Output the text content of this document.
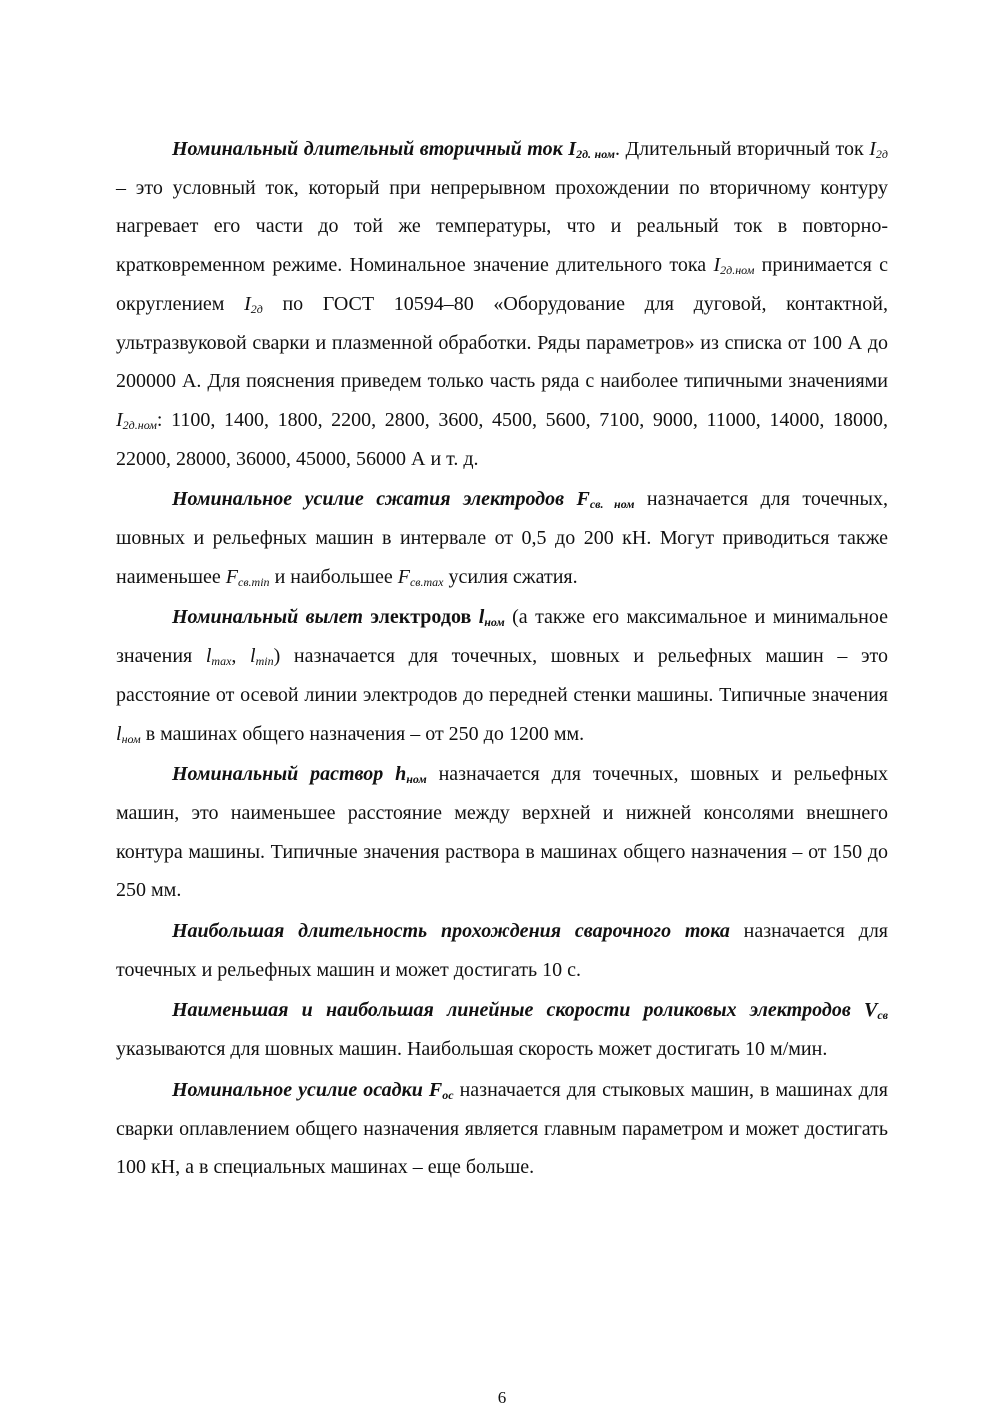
Номинальный длительный вторичный ток $I_{2д. ном}$. Длительный вторичный ток $I_{2д}$ – это условный ток, который при непрерывном прохождении по вторичному контуру нагревает его части до той же температуры, что и реальный ток в повторно-кратковременном режиме. Номинальное значение длительного тока $I_{2д.ном}$ принимается с округлением $I_{2д}$ по ГОСТ 10594–80 «Оборудование для дуговой, контактной, ультразвуковой сварки и плазменной обработки. Ряды параметров» из списка от 100 А до 200000 А. Для пояснения приведем только часть ряда с наиболее типичными значениями $I_{2д.ном}$: 1100, 1400, 1800, 2200, 2800, 3600, 4500, 5600, 7100, 9000, 11000, 14000, 18000, 22000, 28000, 36000, 45000, 56000 А и т. д.

Номинальное усилие сжатия электродов $F_{св. ном}$ назначается для точечных, шовных и рельефных машин в интервале от 0,5 до 200 кН. Могут приводиться также наименьшее $F_{св.min}$ и наибольшее $F_{св.max}$ усилия сжатия.

Номинальный вылет электродов $l_{ном}$ (а также его максимальное и минимальное значения $l_{max}$, $l_{min}$) назначается для точечных, шовных и рельефных машин – это расстояние от осевой линии электродов до передней стенки машины. Типичные значения $l_{ном}$ в машинах общего назначения – от 250 до 1200 мм.

Номинальный раствор $h_{ном}$ назначается для точечных, шовных и рельефных машин, это наименьшее расстояние между верхней и нижней консолями внешнего контура машины. Типичные значения раствора в машинах общего назначения – от 150 до 250 мм.

Наибольшая длительность прохождения сварочного тока назначается для точечных и рельефных машин и может достигать 10 с.

Наименьшая и наибольшая линейные скорости роликовых электродов $V_{св}$ указываются для шовных машин. Наибольшая скорость может достигать 10 м/мин.

Номинальное усилие осадки $F_{ос}$ назначается для стыковых машин, в машинах для сварки оплавлением общего назначения является главным параметром и может достигать 100 кН, а в специальных машинах – еще больше.

6
